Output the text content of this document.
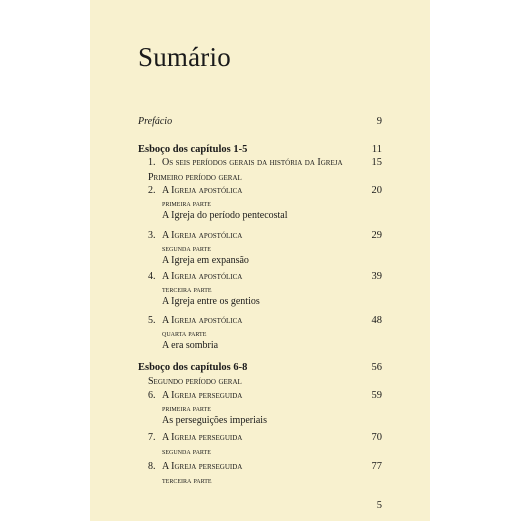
Sumário
Prefácio	9
Esboço dos capítulos 1-5	11
1. Os seis períodos gerais da história da Igreja	15
Primeiro período geral
2. A Igreja apostólica	20
primeira parte
A Igreja do período pentecostal
3. A Igreja apostólica	29
segunda parte
A Igreja em expansão
4. A Igreja apostólica	39
terceira parte
A Igreja entre os gentios
5. A Igreja apostólica	48
quarta parte
A era sombria
Esboço dos capítulos 6-8	56
Segundo período geral
6. A Igreja perseguida	59
primeira parte
As perseguições imperiais
7. A Igreja perseguida	70
segunda parte
8. A Igreja perseguida	77
terceira parte
5
